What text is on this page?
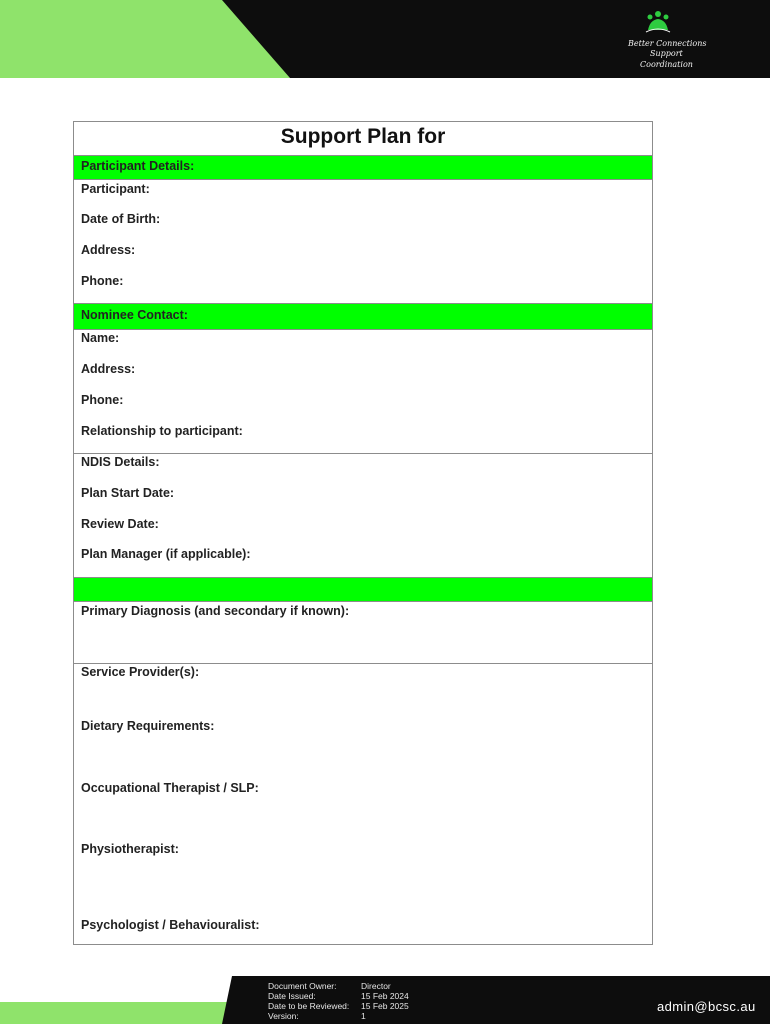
Better Connections
Support
Coordination
Support Plan for
Participant Details:
Participant:
Date of Birth:
Address:
Phone:
Nominee Contact:
Name:
Address:
Phone:
Relationship to participant:
NDIS Details:
Plan Start Date:
Review Date:
Plan Manager (if applicable):
Primary Diagnosis (and secondary if known):
Service Provider(s):
Dietary Requirements:
Occupational Therapist / SLP:
Physiotherapist:
Psychologist / Behaviouralist:
Document Owner:
Date Issued:
Date to be Reviewed:
Version:
Director
15 Feb 2024
15 Feb 2025
1
admin@bcsc.au
